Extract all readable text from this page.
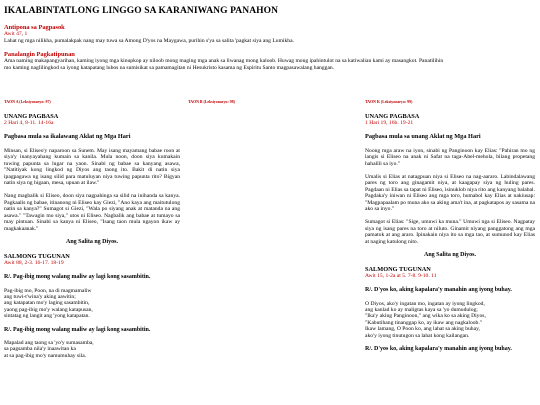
IKALABINTATLONG LINGGO SA KARANIWANG PANAHON
Antipona sa Pagpasok
Awit 47, 1
Lahat ng mga nilikha, pumalakpak nang may tuwa sa Among D'yos na Maygawa, purihin s'ya sa salita 'pagkat siya ang Lumikha.
Panalangin Pagkatipunan
Ama naming makapangyarihan, kaming iyong mga kinupkop ay niloob mong maging mga anak sa liwanag mong kaloob. Huwag mong ipahintulot na sa katiwalian kami ay masangkot. Panatilihin
mo kaming naglilingkod sa iyong katapatang lubos na sumisikat sa pamamagitan ni Hesukristo kasama ng Espiritu Santo magpasawalang hanggan.
TAON A (Leksiyonaryo: 97)
UNANG PAGBASA
2 Hari 4, 8-11. 14-16a
Pagbasa mula sa ikalawang Aklat ng Mga Hari

Minsan, si Eliseo'y naparoon sa Sunem. May isang mayamang babae roon at siya'y inanyayahang kumain sa kanila. Mula noon, doon siya kumakain tuwing papunta sa lugar na yaon. Sinabi ng babae sa kanyang asawa, "Natitiyak kong lingkod ng Diyos ang taong ito. Bakit di natin siya ipagpagawa ng isang silid para matuluyan niya tuwing papunta rito? Bigyan natin siya ng higaan, mesa, upuan at ilaw."

Nang magbalik si Eliseo, doon siya nagpahinga sa silid na inihanda sa kanya. Pagkaalis ng babae, itinanong ni Eliseo kay Giezi, "Ano kaya ang maitutulong natin sa kanya?" Sumagot si Giezi, "Wala po siyang anak at matanda na ang asawa." "Tawagin mo siya," utos ni Eliseo. Nagbalik ang babae at tumayo sa may pintuan. Sinabi sa kanya ni Eliseo, "Isang taon mula ngayon ikaw ay magkakaanak."

Ang Salita ng Diyos.
SALMONG TUGUNAN
Awit 88, 2-3. 16-17. 18-19
R/. Pag-ibig mong walang maliw ay lagi kong sasambitin.
Pag-ibig mo, Poon, na di magmamaliw
ang tuwi-t'wina'y aking aawitin;
ang katapatan mo'y laging sasambitin,
yaong pag-ibig mo'y walang katapusan,
sintatag ng langit ang 'yong katapatan.
R/. Pag-ibig mong walang maliw ay lagi kong sasambitin.
Mapalad ang taong sa 'yo'y sumasamba,
sa pagsamba nila'y inaawitan ka
at sa pag-ibig mo'y namumuhay sila.
TAON B (Leksiyonaryo: 98)	TAON K (Leksiyonaryo: 99)
UNANG PAGBASA
1 Hari 19, 16b. 19-21
Pagbasa mula sa unang Aklat ng Mga Hari

Noong mga araw na iyon, sinabi ng Panginoon kay Elias: "Pahiran mo ng langis si Eliseo na anak ni Safat na taga-Abel-mehola, bilang propetang hahalili sa iyo."

Umalis si Elias at natagpuan niya si Eliseo na nag-aararo. Labindalawang pares ng toro ang ginagamit niya, at kaagapay siya ng huling pares. Pagdaan ni Elias sa tapat ni Eliseo, isinuklob niya rito ang kanyang balabal. Pagdaka'y iniwan ni Eliseo ang mga toro, humabol kay Elias at nakiusap: "Magpapaalam po muna ako sa aking ama't ina, at pagkatapos ay sasama na ako sa inyo."

Sumagot si Elias: "Sige, umuwi ka muna." Umuwi nga si Eliseo. Nagpatay siya ng isang pares na toro at niluto. Ginamit niyang panggatong ang mga pamatok at ang araro. Ipinakain niya ito sa mga tao, at sumunod kay Elias at naging katulong nito.

Ang Salita ng Diyos.
SALMONG TUGUNAN
Awit 15, 1-2a at 5. 7-8. 9-10. 11
R/. D'yos ko, aking kapalara'y manahin ang iyong buhay.
O Diyos, ako'y ingatan mo, ingatan ay iyong lingkod,
ang kanlad ko ay maligtas kaya sa 'yo dumudulog;
"Ika'y aking Panginoon," ang wika ko sa aking Diyos,
"Kabutihang tinanggap ko, ay ikaw ang nagkaloob."
Ikaw lamang, O Poon ko, ang lahat sa aking buhay,
ako'y iyong tinutugon sa lahat kong kailangan.
R/. D'yos ko, aking kapalara'y manahin ang iyong buhay.
